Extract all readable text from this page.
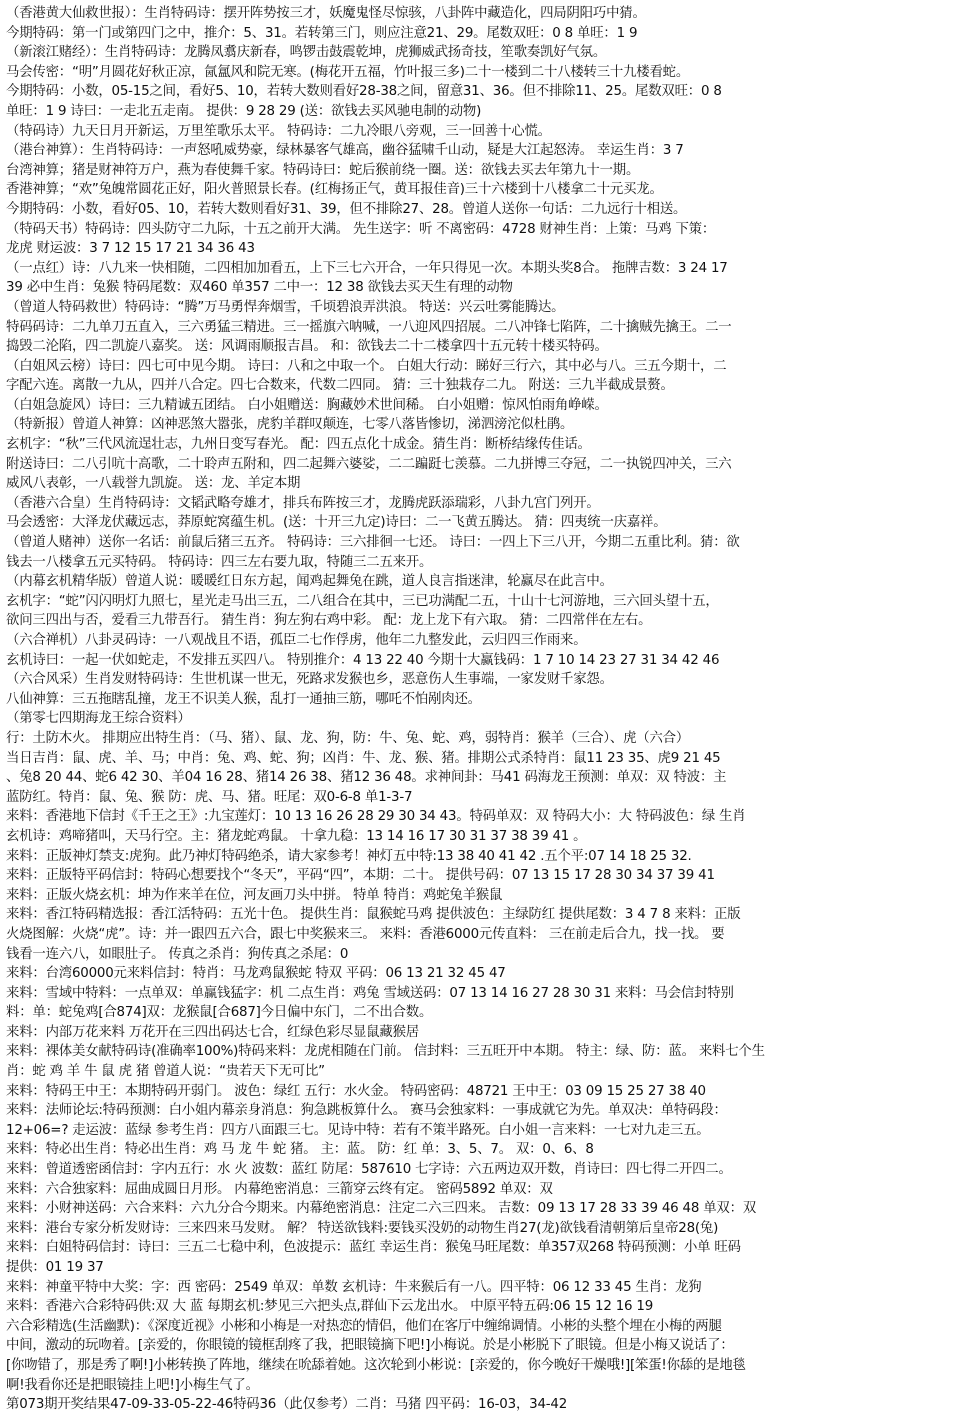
（香港黄大仙救世报）：生肖特码诗：摆开阵势按三才，妖魔鬼怪尽惊骇，八卦阵中藏造化，四局阴阳巧中猜。
今期特码：第一门或第四门之中，推介：5、31。若转第三门，则应注意21、29。尾数双旺：0 8 单旺：1 9
（新滚江赌经）：生肖特码诗：龙腾凤翥庆新春，鸣锣击鼓震乾坤，虎狮威武扬奇技，笙歌奏凯好气氛。
马会传密：“明”月圆花好秋正凉，氤氲风和院无寒。(梅花开五福，竹叶报三多)二十一楼到二十八楼转三十九楼看蛇。
今期特码：小数，05-15之间，看好5、10，若转大数则看好28-38之间，留意31、36。但不排除11、25。尾数双旺：0 8
单旺：1 9 诗曰：一走北五走南。 提供：9 28 29 (送：欲钱去买风驰电制的动物)
（特码诗）九天日月开新运，万里笙歌乐太平。 特码诗：二九冷眼八旁观，三一回善十心慌。
（港台神算）：生肖特码诗：一声怒吼威势豪，绿林暴客气雄高，幽谷猛啸千山动，疑是大江起怒涛。 幸运生肖：3 7
台湾神算；猪是财神符万户，燕为春使舞千家。特码诗曰：蛇后猴前绕一圈。送：欲钱去买去年第九十一期。
香港神算；“欢”兔魄常圆花正好，阳火普照景长春。(红梅扬正气，黄耳报佳音)三十六楼到十八楼拿二十元买龙。
今期特码：小数，看好05、10，若转大数则看好31、39，但不排除27、28。曾道人送你一句话：二九远行十相送。
（特码天书）特码诗：四头防守二九际，十五之前开大满。 先生送字：听 不离密码：4728 财神生肖：上策：马鸡 下策：
龙虎 财运波：3 7 12 15 17 21 34 36 43
（一点红）诗：八九来一快相随，二四相加加看五，上下三七六开合，一年只得见一次。本期头奖8合。 拖牌吉数：3 24 17
39 必中生肖：兔猴 特码尾数：双460 单357 二中一：12 38 欲钱去买天生有理的动物
（曾道人特码救世）特码诗：“腾”万马勇悍奔烟雪，千顷碧浪弄洪浪。 特送：兴云吐雾能腾达。
特码码诗：二九单刀五直入，三六勇猛三精进。三一摇旗六呐喊，一八迎风四招展。二八冲锋七陷阵，二十擒贼先擒王。二一
捣毁二沦陷，四二凯旋八嘉奖。 送：风调雨顺报吉昌。 和：欲钱去二十二楼拿四十五元转十楼买特码。
（白姐风云榜）诗曰：四七可中见今期。 诗曰：八和之中取一个。 白姐大行动：睇好三行六，其中必与八。三五今期十，二
字配六连。离散一九从，四并八合定。四七合数来，代数二四同。 猜：三十独栽存二九。 附送：三九半截成景赘。
（白姐急旋风）诗曰：三九精诚五团结。 白小姐赠送：胸藏妙术世间稀。 白小姐赠：惊风怕雨角峥嵘。
（特新报）曾道人神算：凶神恶煞大嚣张，虎豹羊群叹颠连，七零八落皆惨切，涕泗滂沱似杜鹃。
玄机字：“秋”三代风流逞壮志，九州日变写春光。 配：四五点化十成金。猜生肖：断桥结缘传佳话。
附送诗曰：二八引吭十高歌，二十聆声五附和，四二起舞六婆娑，二二蹁跹七羡慕。二九拼博三夺冠，二一执锐四冲关，三六
威风八表彰，一八载誉九凯旋。 送：龙、羊定本期
（香港六合皇）生肖特码诗：文韬武略夸雄才，排兵布阵按三才，龙腾虎跃添瑞彩，八卦九宫门列开。
马会透密：大泽龙伏藏远志，莽原蛇窝蕴生机。(送：十开三九定)诗曰：二一飞黄五腾达。 猜：四夷统一庆嘉祥。
（曾道人赌神）送你一名话：前鼠后猪三五齐。 特码诗：三六排徊一七还。 诗曰：一四上下三八开，今期二五重比利。猜：欲
钱去一八楼拿五元买特码。 特码诗：四三左右要九取，特随三二五来开。
（内幕玄机精华版）曾道人说：暖暖红日东方起，闻鸡起舞兔在跳，道人良言指迷津，轮赢尽在此言中。
玄机字：“蛇”闪闪明灯九照七，星光走马出三五，二八组合在其中，三已功满配二五，十山十七河游地，三六回头望十五，
欲问三四出与否，爱看三九带吾行。 猜生肖：狗左狗右鸡中彩。 配：龙上龙下有六取。 猜：二四常伴在左右。
（六合禅机）八卦灵码诗：一八观战且不语，孤臣二七作俘虏，他年二九整发此，云归四三作雨来。
玄机诗曰：一起一伏如蛇走，不发排五买四八。 特别推介：4 13 22 40 今期十大赢钱码：1 7 10 14 23 27 31 34 42 46
（六合风采）生肖发财特码诗：生世机谋一世无，死路求发猴也乡，恶意伤人生事端，一家发财千家怨。
八仙神算：三五拖瞎乱撞，龙王不识美人猴，乱打一通抽三筋，哪吒不怕剐肉还。
（第零七四期海龙王综合资料）
行：土防木火。 排期应出特生肖：（马、猪）、鼠、龙、狗，防：牛、兔、蛇、鸡，弱特肖：猴羊（三合）、虎（六合）
当日吉肖：鼠、虎、羊、马；中肖：兔、鸡、蛇、狗；凶肖：牛、龙、猴、猪。排期公式杀特肖：鼠11 23 35、虎9 21 45
、兔8 20 44、蛇6 42 30、羊04 16 28、猪14 26 38、猪12 36 48。求神间卦：马41 码海龙王预测：单双：双 特波：主
蓝防红。特肖：鼠、兔、猴 防：虎、马、猪。旺尾：双0-6-8 单1-3-7
来料：香港地下信封《千王之王》:九宝莲灯：10 13 16 26 28 29 30 34 43。特码单双：双 特码大小：大 特码波色：绿 生肖
玄机诗：鸡啼猪叫，天马行空。主：猪龙蛇鸡鼠。 十拿九稳：13 14 16 17 30 31 37 38 39 41 。
来料：正版神灯禁支:虎狗。此乃神灯特码绝杀，请大家参考！神灯五中特:13 38 40 41 42 .五个平:07 14 18 25 32.
来料：正版特平码信封：特码心想要找个“冬天”，平码“四”，本期：二十。 提供号码：07 13 15 17 28 30 34 37 39 41
来料：正版火烧玄机：坤为作来羊在位，河友画刀头中拼。 特单 特肖：鸡蛇兔羊猴鼠
来料：香江特码精选报：香江活特码：五光十色。 提供生肖：鼠猴蛇马鸡 提供波色：主绿防红 提供尾数：3 4 7 8 来料：正版
火烧图解：火烧“虎”。诗：并一跟四五六合，跟七中奖猴来三。 来料：香港6000元传直料： 三在前走后合九，找一找。 要
钱看一连六八，如眼肚子。 传真之杀肖：狗传真之杀尾：0
来料：台湾60000元来料信封：特肖：马龙鸡鼠猴蛇 特双 平码：06 13 21 32 45 47
来料：雪域中特料：一点单双：单赢钱猛字：机 二点生肖：鸡兔 雪域送码：07 13 14 16 27 28 30 31 来料：马会信封特别
料：单：蛇兔鸡[合874]双：龙猴鼠[合687]今日偏中东门，二不出合数。
来料：内部万花来料 万花开在三四出码达七合，红绿色彩尽显鼠藏猴居
来料：裸体美女献特码诗(准确率100%)特码来料：龙虎相随在门前。 信封料：三五旺开中本期。 特主：绿、防：蓝。 来料七个生
肖：蛇 鸡 羊 牛 鼠 虎 猪 曾道人说：“贵若天下无可比”
来料：特码王中王：本期特码开弱门。 波色：绿红 五行：水火金。 特码密码：48721 王中王：03 09 15 25 27 38 40
来料：法师论坛:特码预测：白小姐内幕亲身消息：狗急跳板算什么。 赛马会独家料：一事成就它为先。单双决：单特码段：
12+06=? 走运波：蓝绿 参考生肖：四方八面跟三七。见诗中特：若有不策半路死。白小姐一言来料：一七对九走三五。
来料：特必出生肖：特必出生肖：鸡 马 龙 牛 蛇 猪。 主：蓝。 防：红 单：3、5、7。 双：0、6、8
来料：曾道透密函信封：字内五行：水 火 波数：蓝红 防尾：587610 七字诗：六五两边双开数，肖诗曰：四七得二开四二。
来料：六合独家料：屈曲成圆日月形。 内幕绝密消息：三箭穿云终有定。 密码5892 单双：双
来料：小财神送码：六合来料：六九分合今期来。内幕绝密消息：注定二六三四来。 吉数：09 13 17 28 33 39 46 48 单双：双
来料：港台专家分析发财诗：三来四来马发财。 解？ 特送欲钱料:要钱买没奶的动物生肖27(龙)欲钱看清朝第后皇帝28(兔)
来料：白姐特码信封：诗曰：三五二七稳中利，色波提示：蓝红 幸运生肖：猴兔马旺尾数：单357双268 特码预测：小单 旺码
提供：01 19 37
来料：神童平特中大奖：字：西 密码：2549 单双：单数 玄机诗：牛来猴后有一八。四平特：06 12 33 45 生肖：龙狗
来料：香港六合彩特码供:双 大 蓝 每期玄机:梦见三六把头点,群仙下云龙出水。 中原平特五码:06 15 12 16 19
六合彩精选(生活幽默)：《深度近视》小彬和小梅是一对热恋的情侣，他们在客厅中缠绵调情。小彬的头整个埋在小梅的两腿
中间，激动的玩吻着。[亲爱的，你眼镜的镜框刮疼了我，把眼镜摘下吧!]小梅说。於是小彬脱下了眼镜。但是小梅又说话了：
[你吻错了，那是秀了啊!]小彬转换了阵地，继续在吮舔着她。这次轮到小彬说：[亲爱的，你今晚好干燥哦!][笨蛋!你舔的是地毯
啊!我看你还是把眼镜挂上吧!]小梅生气了。
第073期开奖结果47-09-33-05-22-46特码36（此仅参考）二肖：马猪 四平码：16-03，34-42
